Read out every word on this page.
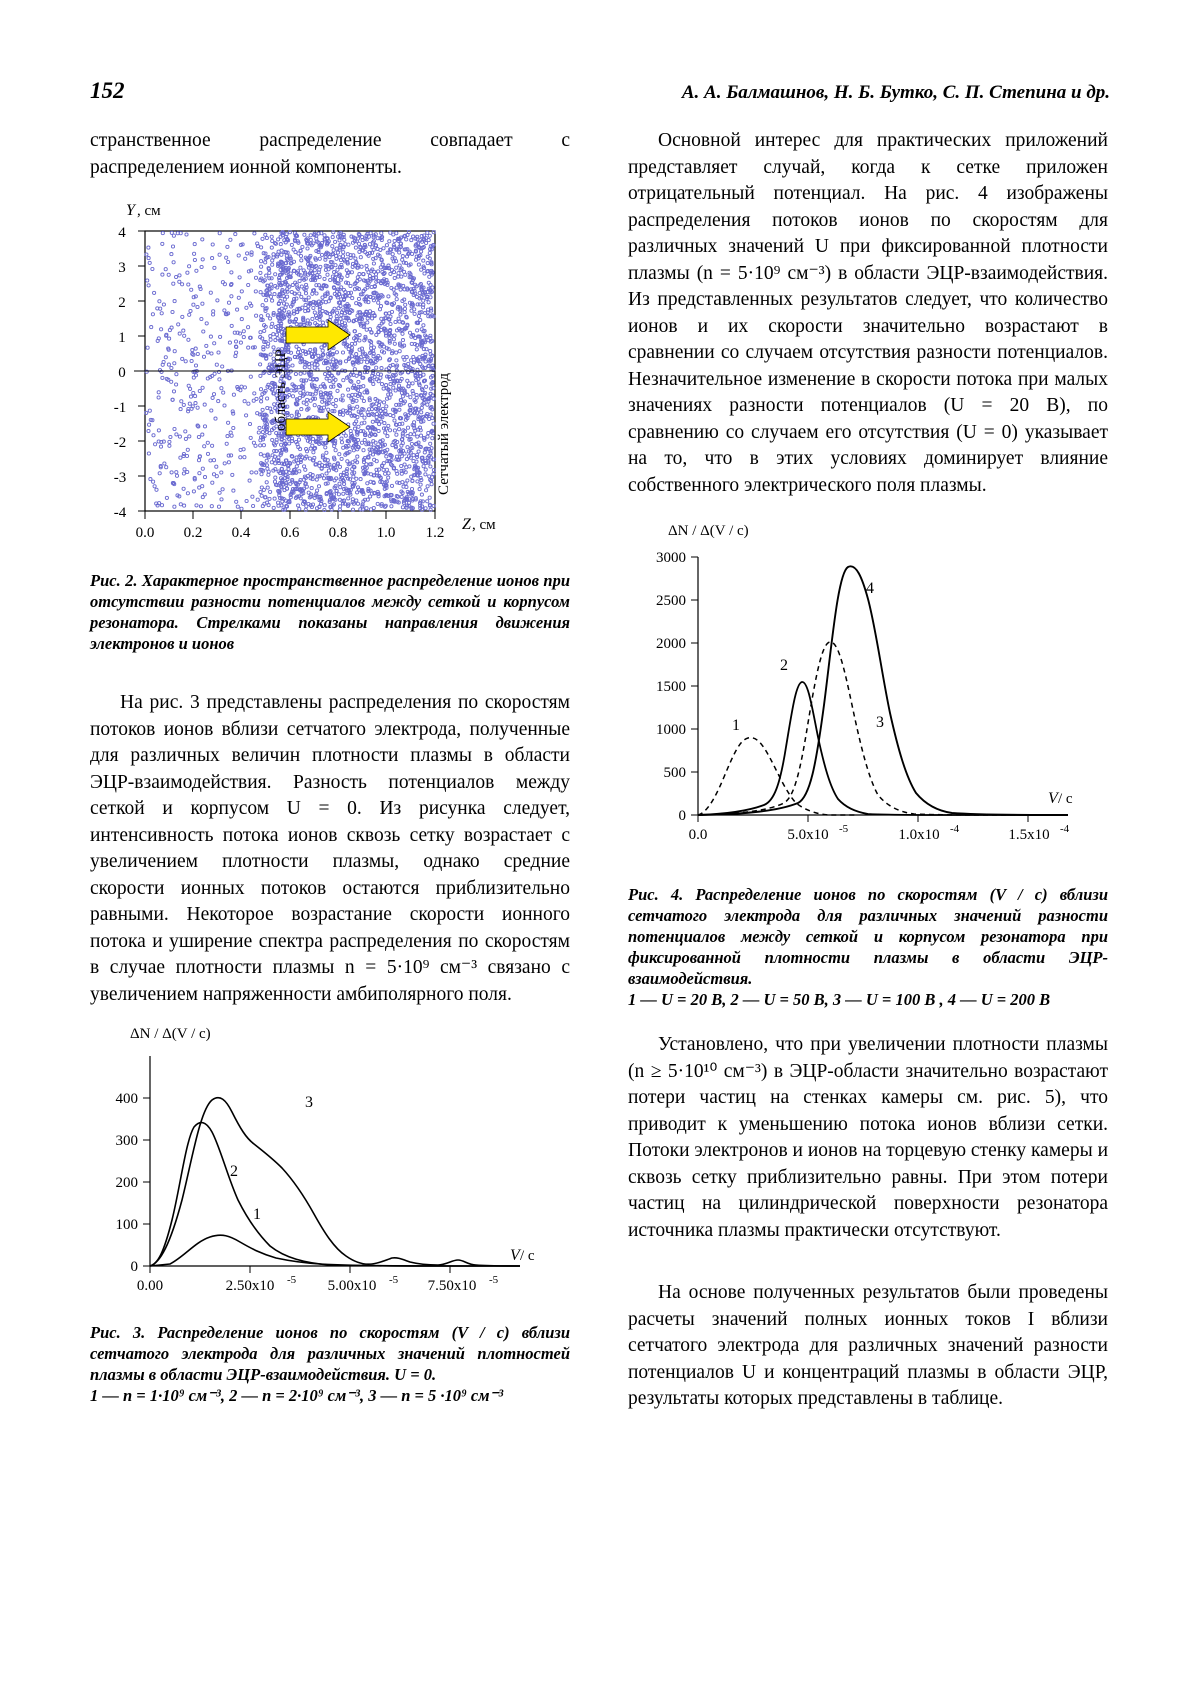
152	А. А. Балмашнов, Н. Б. Бутко, С. П. Степина и др.

странственное распределение совпадает с распределением ионной компоненты.

Y , см
4
3
2
1
0
-1
-2
-3
-4
0.0 0.2 0.4 0.6 0.8 1.0 1.2 Z , см
область ЭЦР	Сетчатый электрод
Рис. 2. Характерное пространственное распределение ионов при отсутствии разности потенциалов между сеткой и корпусом резонатора. Стрелками показаны направления движения электронов и ионов

На рис. 3 представлены распределения по скоростям потоков ионов вблизи сетчатого электрода, полученные для различных величин плотности плазмы в области ЭЦР-взаимодействия. Разность потенциалов между сеткой и корпусом U = 0. Из рисунка следует, интенсивность потока ионов сквозь сетку возрастает с увеличением плотности плазмы, однако средние скорости ионных потоков остаются приблизительно равными. Некоторое возрастание скорости ионного потока и уширение спектра распределения по скоростям в случае плотности плазмы n = 5·10⁹ см⁻³ связано с увеличением напряженности амбиполярного поля.

ΔN / Δ(V / c)
0
100
200
300
400
0.00	2.50x10 -5 5.00x10 -5 7.50x10 -5
V / c
3
2
1
Рис. 3. Распределение ионов по скоростям (V / c) вблизи сетчатого электрода для различных значений плотностей плазмы в области ЭЦР-взаимодействия. U = 0.
1 — n = 1·10⁹ см⁻³, 2 — n = 2·10⁹ см⁻³, 3 — n = 5 ·10⁹ см⁻³

Основной интерес для практических приложений представляет случай, когда к сетке приложен отрицательный потенциал. На рис. 4 изображены распределения потоков ионов по скоростям для различных значений U при фиксированной плотности плазмы (n = 5·10⁹ см⁻³) в области ЭЦР-взаимодействия. Из представленных результатов следует, что количество ионов и их скорости значительно возрастают в сравнении со случаем отсутствия разности потенциалов. Незначительное изменение в скорости потока при малых значениях разности потенциалов (U = 20 В), по сравнению со случаем его отсутствия (U = 0) указывает на то, что в этих условиях доминирует влияние собственного электрического поля плазмы.

ΔN / Δ(V / c)
0
500
1000
1500
2000
2500
3000
0.0	5.0x10 -5	1.0x10 -4	1.5x10 -4
V / c
1
2
3
4
Рис. 4. Распределение ионов по скоростям (V / c) вблизи сетчатого электрода для различных значений разности потенциалов между сеткой и корпусом резонатора при фиксированной плотности плазмы в области ЭЦР-взаимодействия.
1 — U = 20 В, 2 — U = 50 В, 3 — U = 100 В , 4 — U = 200 В

Установлено, что при увеличении плотности плазмы (n ≥ 5·10¹⁰ см⁻³) в ЭЦР-области значительно возрастают потери частиц на стенках камеры см. рис. 5), что приводит к уменьшению потока ионов вблизи сетки. Потоки электронов и ионов на торцевую стенку камеры и сквозь сетку приблизительно равны. При этом потери частиц на цилиндрической поверхности резонатора источника плазмы практически отсутствуют.

На основе полученных результатов были проведены расчеты значений полных ионных токов I вблизи сетчатого электрода для различных значений разности потенциалов U и концентраций плазмы в области ЭЦР, результаты которых представлены в таблице.
